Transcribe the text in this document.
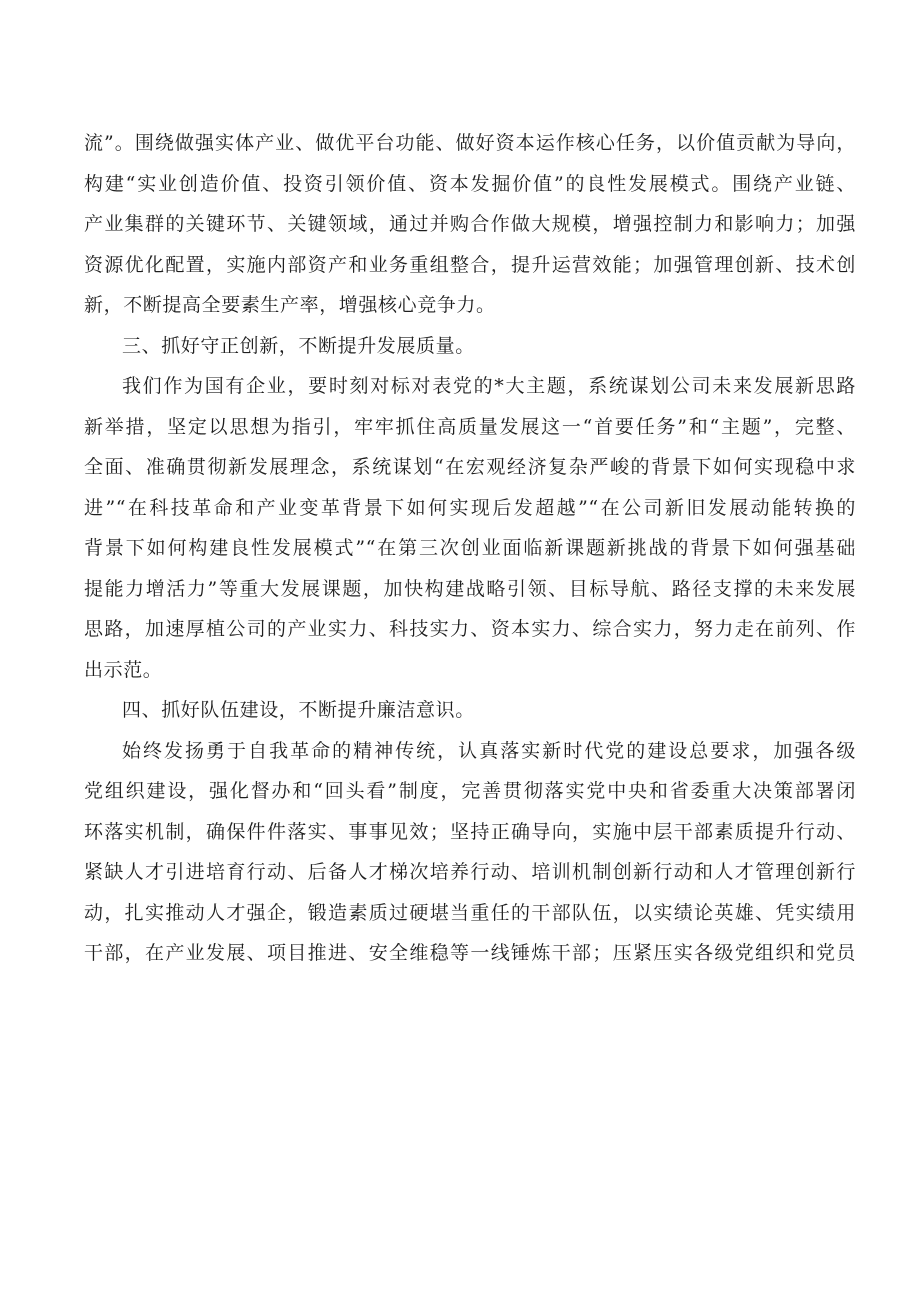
流”。围绕做强实体产业、做优平台功能、做好资本运作核心任务，以价值贡献为导向，
构建“实业创造价值、投资引领价值、资本发掘价值”的良性发展模式。围绕产业链、
产业集群的关键环节、关键领域，通过并购合作做大规模，增强控制力和影响力；加强
资源优化配置，实施内部资产和业务重组整合，提升运营效能；加强管理创新、技术创
新，不断提高全要素生产率，增强核心竞争力。
三、抓好守正创新，不断提升发展质量。
我们作为国有企业，要时刻对标对表党的*大主题，系统谋划公司未来发展新思路
新举措，坚定以思想为指引，牢牢抓住高质量发展这一“首要任务”和“主题”，完整、
全面、准确贯彻新发展理念，系统谋划“在宏观经济复杂严峻的背景下如何实现稳中求
进”“在科技革命和产业变革背景下如何实现后发超越”“在公司新旧发展动能转换的
背景下如何构建良性发展模式”“在第三次创业面临新课题新挑战的背景下如何强基础
提能力增活力”等重大发展课题，加快构建战略引领、目标导航、路径支撑的未来发展
思路，加速厚植公司的产业实力、科技实力、资本实力、综合实力，努力走在前列、作
出示范。
四、抓好队伍建设，不断提升廉洁意识。
始终发扬勇于自我革命的精神传统，认真落实新时代党的建设总要求，加强各级
党组织建设，强化督办和“回头看”制度，完善贯彻落实党中央和省委重大决策部署闭
环落实机制，确保件件落实、事事见效；坚持正确导向，实施中层干部素质提升行动、
紧缺人才引进培育行动、后备人才梯次培养行动、培训机制创新行动和人才管理创新行
动，扎实推动人才强企，锻造素质过硬堪当重任的干部队伍，以实绩论英雄、凭实绩用
干部，在产业发展、项目推进、安全维稳等一线锤炼干部；压紧压实各级党组织和党员
